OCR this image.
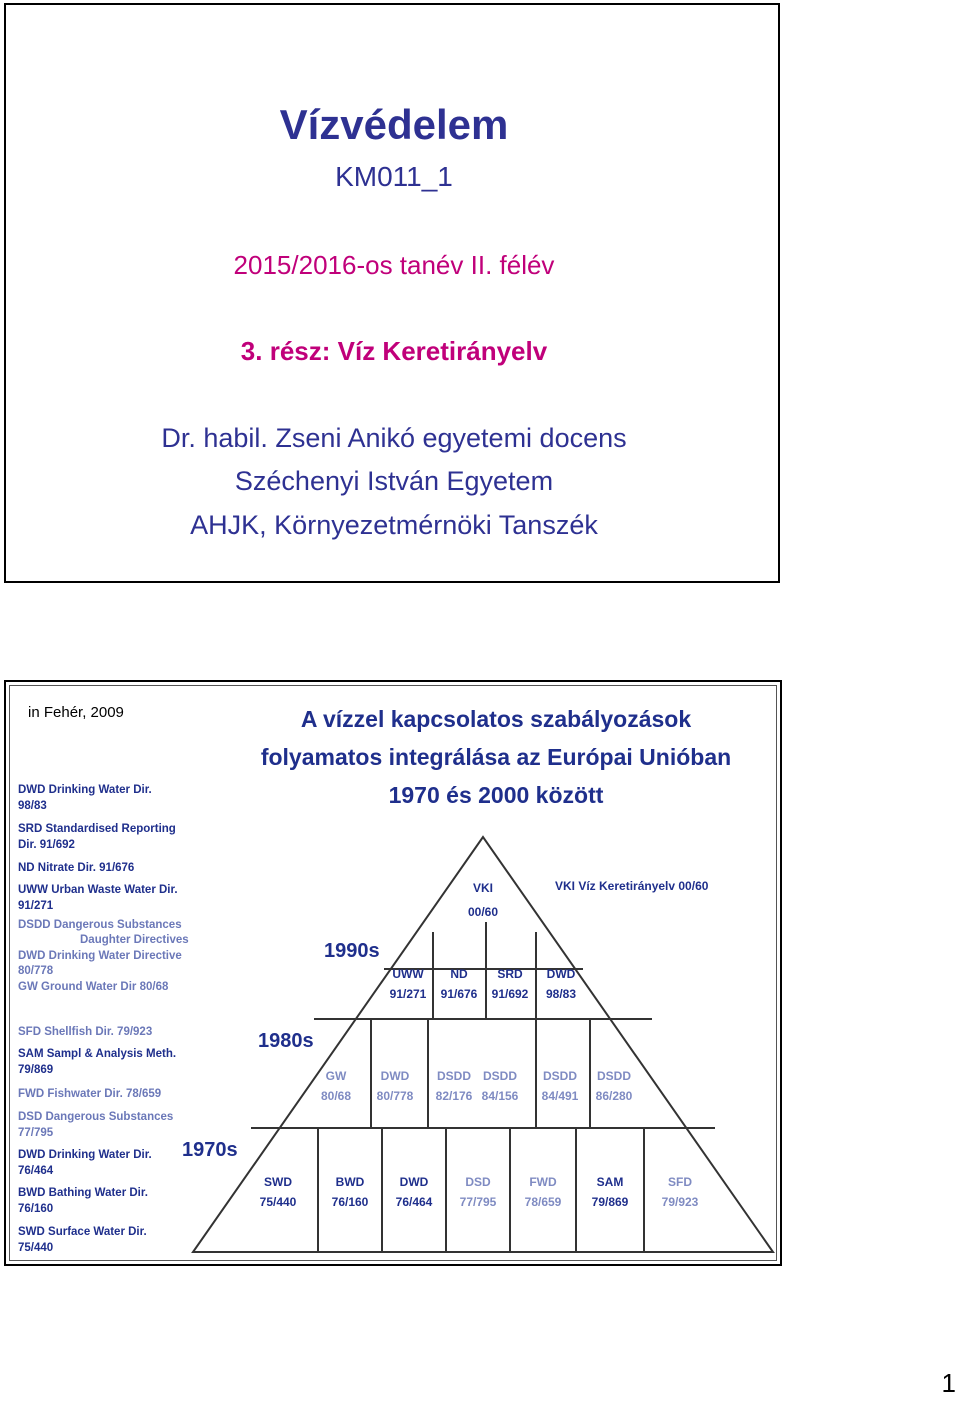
Vízvédelem
KM011_1
2015/2016-os tanév II. félév
3. rész: Víz Keretirányelv
Dr. habil. Zseni Anikó egyetemi docens
Széchenyi István Egyetem
AHJK, Környezetmérnöki Tanszék
in Fehér, 2009	A vízzel kapcsolatos szabályozások
folyamatos integrálása az Európai Unióban
1970 és 2000 között
DWD Drinking Water Dir.
98/83
SRD Standardised Reporting
Dir. 91/692
ND Nitrate Dir. 91/676
UWW Urban Waste Water Dir.
91/271
DSDD Dangerous Substances
Daughter Directives
DWD Drinking Water Directive
80/778
GW Ground Water Dir 80/68
SFD Shellfish Dir. 79/923
SAM Sampl & Analysis Meth.
79/869
FWD Fishwater Dir. 78/659
DSD Dangerous Substances
77/795
DWD Drinking Water Dir.
76/464
BWD Bathing Water Dir.
76/160
SWD Surface Water Dir.
75/440
1990s
1980s
1970s
VKI
00/60
VKI Víz Keretirányelv 00/60
UWW
91/271
ND
91/676
SRD
91/692
DWD
98/83
GW
80/68
DWD
80/778
DSDD
82/176
DSDD
84/156
DSDD
84/491
DSDD
86/280
SWD
75/440
BWD
76/160
DWD
76/464
DSD
77/795
FWD
78/659
SAM
79/869
SFD
79/923
1
